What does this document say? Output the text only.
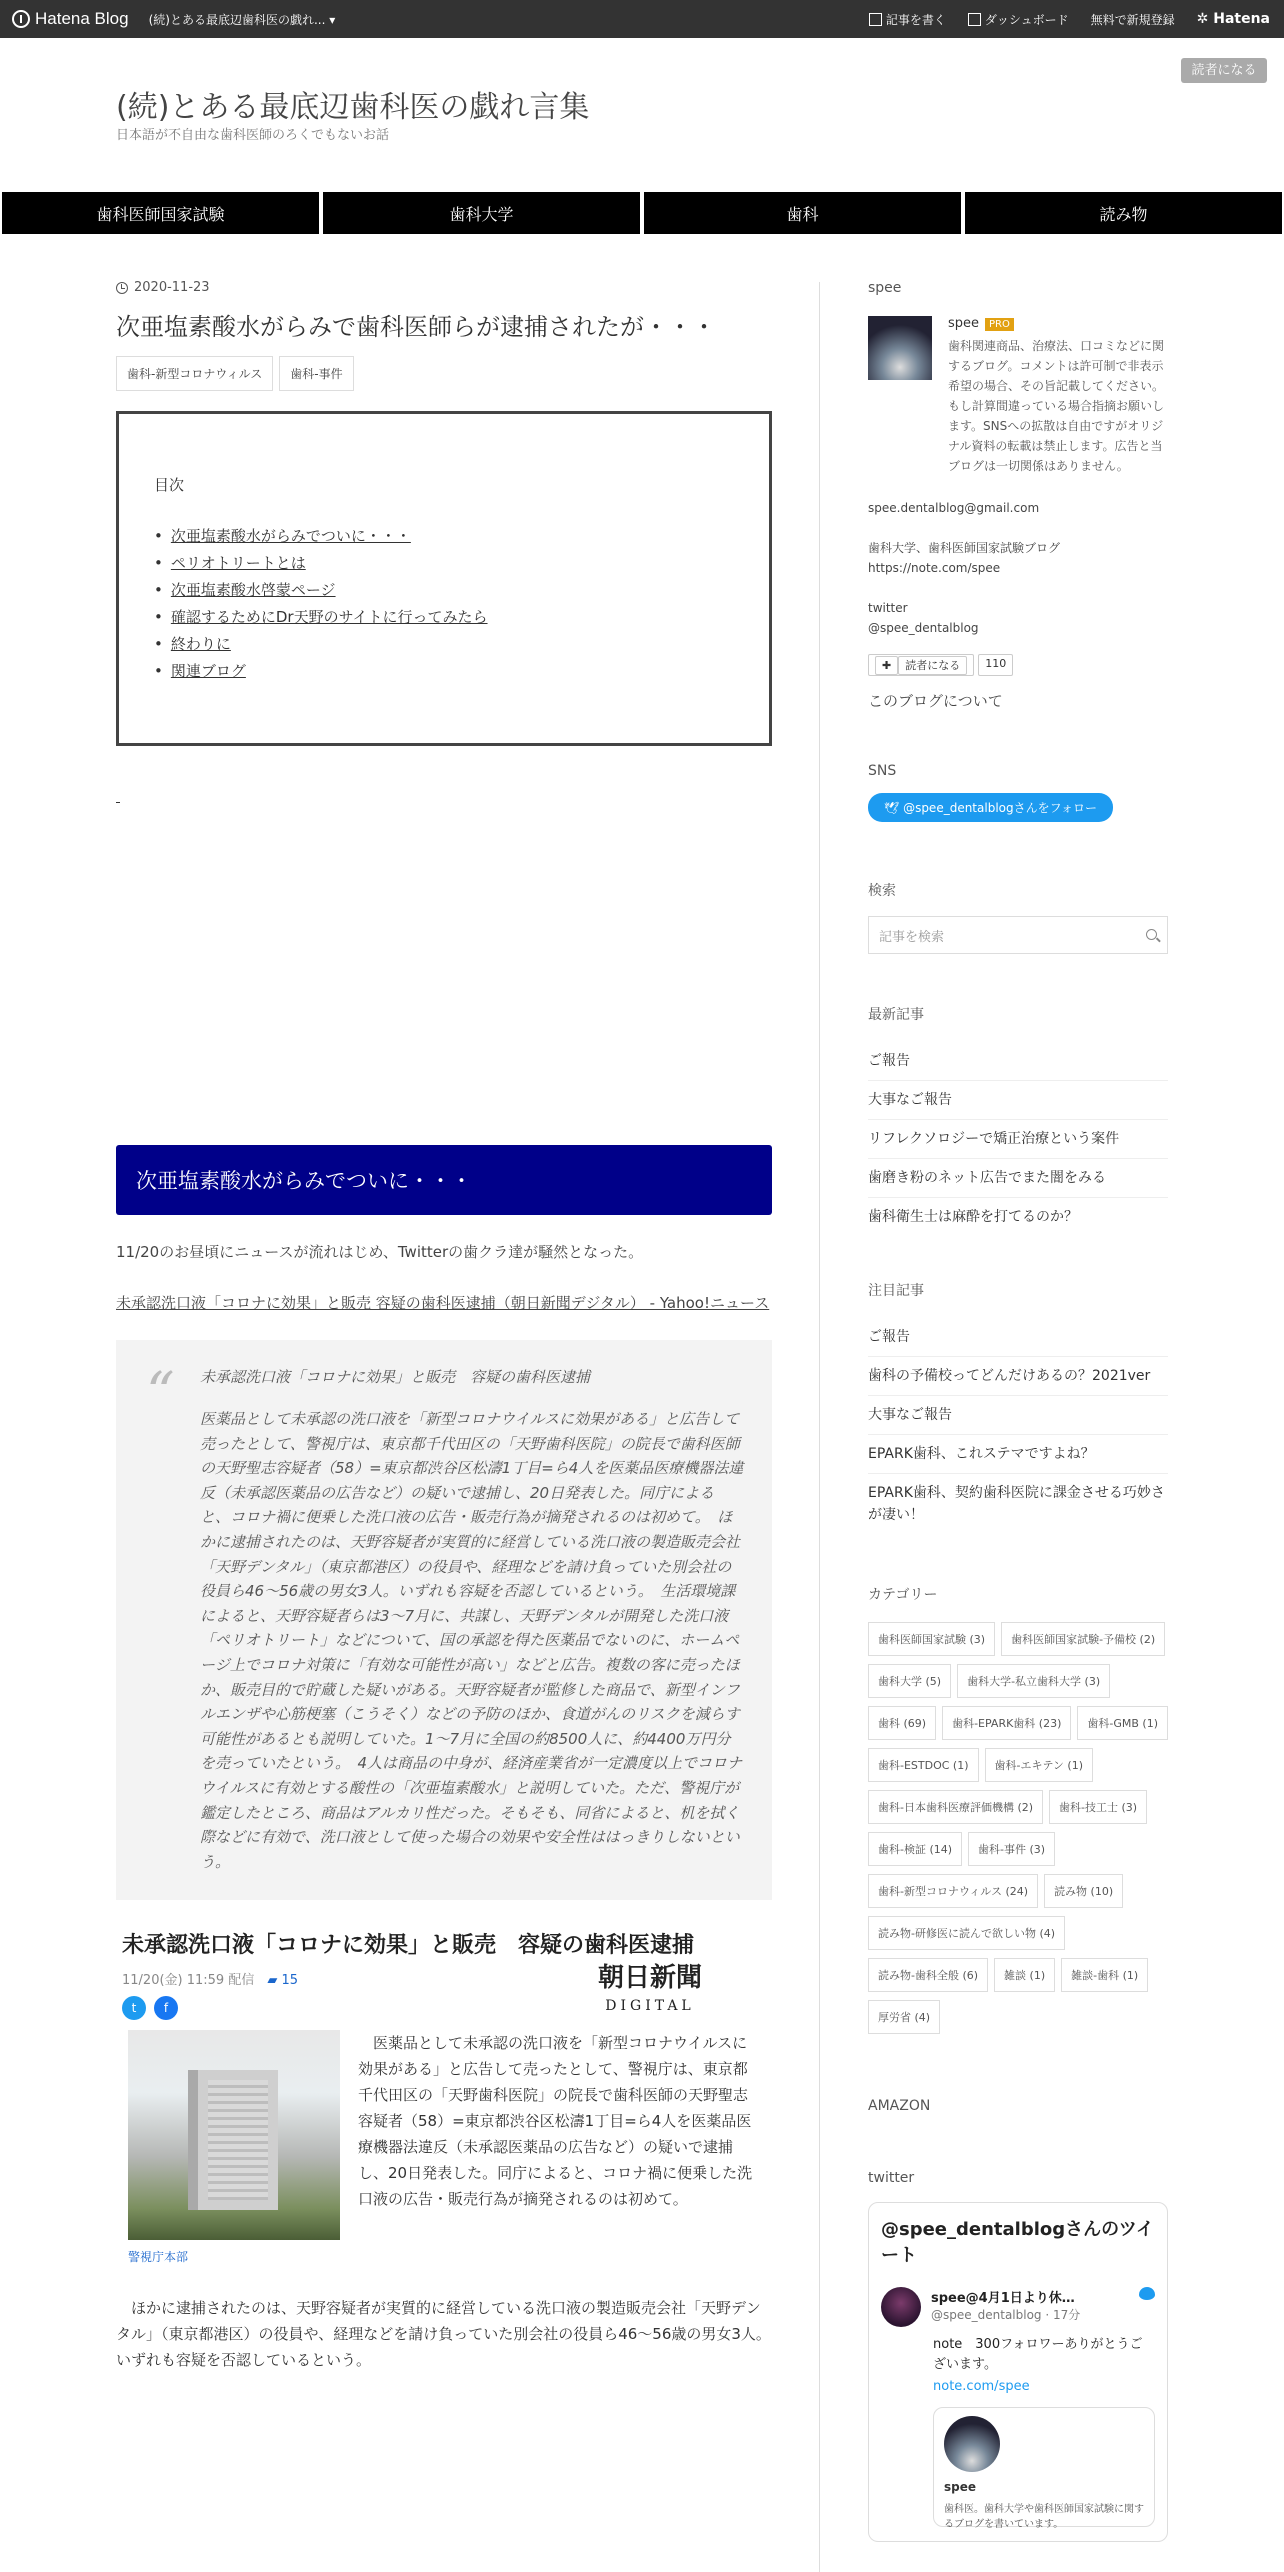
Hatena Blog (続)とある最底辺歯科医の戯れ... ▾	記事を書く	ダッシュボード 無料で新規登録 ✲ Hatena
読者になる
(続)とある最底辺歯科医の戯れ言集
日本語が不自由な歯科医師のろくでもないお話
歯科医師国家試験	歯科大学	歯科	読み物
2020-11-23
次亜塩素酸水がらみで歯科医師らが逮捕されたが・・・
歯科-新型コロナウィルス	歯科-事件
目次
• 次亜塩素酸水がらみでついに・・・
• ペリオトリートとは
• 次亜塩素酸水啓蒙ページ
• 確認するためにDr天野のサイトに行ってみたら
• 終わりに
• 関連ブログ
次亜塩素酸水がらみでついに・・・
11/20のお昼頃にニュースが流れはじめ、Twitterの歯クラ達が騒然となった。
未承認洗口液「コロナに効果」と販売 容疑の歯科医逮捕（朝日新聞デジタル） - Yahoo!ニュース
“ 未承認洗口液「コロナに効果」と販売　容疑の歯科医逮捕
医薬品として未承認の洗口液を「新型コロナウイルスに効果がある」と広告して売ったとして、警視庁は、東京都千代田区の「天野歯科医院」の院長で歯科医師の天野聖志容疑者（58）=東京都渋谷区松濤1丁目=ら4人を医薬品医療機器法違反（未承認医薬品の広告など）の疑いで逮捕し、20日発表した。同庁によると、コロナ禍に便乗した洗口液の広告・販売行為が摘発されるのは初めて。　ほかに逮捕されたのは、天野容疑者が実質的に経営している洗口液の製造販売会社「天野デンタル」（東京都港区）の役員や、経理などを請け負っていた別会社の役員ら46～56歳の男女3人。いずれも容疑を否認しているという。　生活環境課によると、天野容疑者らは3～7月に、共謀し、天野デンタルが開発した洗口液「ペリオトリート」などについて、国の承認を得た医薬品でないのに、ホームページ上でコロナ対策に「有効な可能性が高い」などと広告。複数の客に売ったほか、販売目的で貯蔵した疑いがある。天野容疑者が監修した商品で、新型インフルエンザや心筋梗塞（こうそく）などの予防のほか、食道がんのリスクを減らす可能性があるとも説明していた。1～7月に全国の約8500人に、約4400万円分を売っていたという。　4人は商品の中身が、経済産業省が一定濃度以上でコロナウイルスに有効とする酸性の「次亜塩素酸水」と説明していた。ただ、警視庁が鑑定したところ、商品はアルカリ性だった。そもそも、同省によると、机を拭く際などに有効で、洗口液として使った場合の効果や安全性ははっきりしないという。
未承認洗口液「コロナに効果」と販売　容疑の歯科医逮捕
11/20(金) 11:59 配信　 ▰ 15	朝日新聞
DIGITAL
t	f
警視庁本部
医薬品として未承認の洗口液を「新型コロナウイルスに効果がある」と広告して売ったとして、警視庁は、東京都千代田区の「天野歯科医院」の院長で歯科医師の天野聖志容疑者（58）=東京都渋谷区松濤1丁目=ら4人を医薬品医療機器法違反（未承認医薬品の広告など）の疑いで逮捕し、20日発表した。同庁によると、コロナ禍に便乗した洗口液の広告・販売行為が摘発されるのは初めて。
ほかに逮捕されたのは、天野容疑者が実質的に経営している洗口液の製造販売会社「天野デンタル」（東京都港区）の役員や、経理などを請け負っていた別会社の役員ら46～56歳の男女3人。いずれも容疑を否認しているという。
spee
spee PRO
歯科関連商品、治療法、口コミなどに関するブログ。コメントは許可制で非表示希望の場合、その旨記載してください。もし計算間違っている場合指摘お願いします。SNSへの拡散は自由ですがオリジナル資料の転載は禁止します。広告と当ブログは一切関係はありません。
spee.dentalblog@gmail.com
歯科大学、歯科医師国家試験ブログ
https://note.com/spee
twitter
@spee_dentalblog
✚ 読者になる	110
このブログについて
SNS
🕊 @spee_dentalblogさんをフォロー
検索
記事を検索
最新記事
ご報告
大事なご報告
リフレクソロジーで矯正治療という案件
歯磨き粉のネット広告でまた闇をみる
歯科衛生士は麻酔を打てるのか？
注目記事
ご報告
歯科の予備校ってどんだけあるの？2021ver
大事なご報告
EPARK歯科、これステマですよね？
EPARK歯科、契約歯科医院に課金させる巧妙さが凄い！
カテゴリー
歯科医師国家試験 (3)	歯科医師国家試験-予備校 (2)
歯科大学 (5)	歯科大学-私立歯科大学 (3)
歯科 (69)	歯科-EPARK歯科 (23)	歯科-GMB (1)
歯科-ESTDOC (1)	歯科-エキテン (1)
歯科-日本歯科医療評価機構 (2)	歯科-技工士 (3)
歯科-検証 (14)	歯科-事件 (3)
歯科-新型コロナウィルス (24)	読み物 (10)
読み物-研修医に読んで欲しい物 (4)
読み物-歯科全般 (6)	雑談 (1)	雑談-歯科 (1)
厚労省 (4)
AMAZON
twitter
@spee_dentalblogさんのツイート
spee@4月1日より休…
@spee_dentalblog · 17分
note　300フォロワーありがとうございます。
note.com/spee
spee
歯科医。歯科大学や歯科医師国家試験に関するブログを書いています。
